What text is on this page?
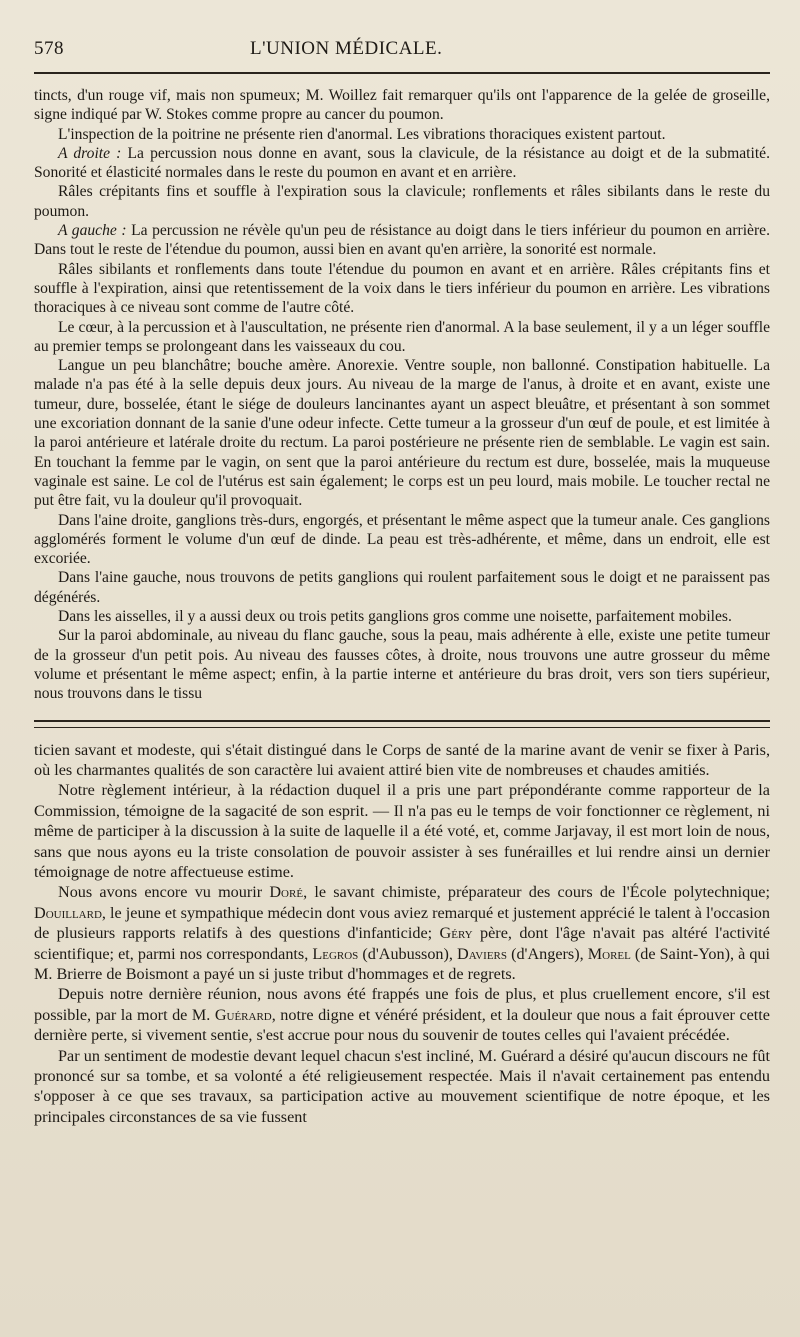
578	L'UNION MÉDICALE.

tincts, d'un rouge vif, mais non spumeux; M. Woillez fait remarquer qu'ils ont l'apparence de la gelée de groseille, signe indiqué par W. Stokes comme propre au cancer du poumon.

L'inspection de la poitrine ne présente rien d'anormal. Les vibrations thoraciques existent partout.

A droite : La percussion nous donne en avant, sous la clavicule, de la résistance au doigt et de la submatité. Sonorité et élasticité normales dans le reste du poumon en avant et en arrière.

Râles crépitants fins et souffle à l'expiration sous la clavicule; ronflements et râles sibilants dans le reste du poumon.

A gauche : La percussion ne révèle qu'un peu de résistance au doigt dans le tiers inférieur du poumon en arrière. Dans tout le reste de l'étendue du poumon, aussi bien en avant qu'en arrière, la sonorité est normale.

Râles sibilants et ronflements dans toute l'étendue du poumon en avant et en arrière. Râles crépitants fins et souffle à l'expiration, ainsi que retentissement de la voix dans le tiers inférieur du poumon en arrière. Les vibrations thoraciques à ce niveau sont comme de l'autre côté.

Le cœur, à la percussion et à l'auscultation, ne présente rien d'anormal. A la base seulement, il y a un léger souffle au premier temps se prolongeant dans les vaisseaux du cou.

Langue un peu blanchâtre; bouche amère. Anorexie. Ventre souple, non ballonné. Constipation habituelle. La malade n'a pas été à la selle depuis deux jours. Au niveau de la marge de l'anus, à droite et en avant, existe une tumeur, dure, bosselée, étant le siége de douleurs lancinantes ayant un aspect bleuâtre, et présentant à son sommet une excoriation donnant de la sanie d'une odeur infecte. Cette tumeur a la grosseur d'un œuf de poule, et est limitée à la paroi antérieure et latérale droite du rectum. La paroi postérieure ne présente rien de semblable. Le vagin est sain. En touchant la femme par le vagin, on sent que la paroi antérieure du rectum est dure, bosselée, mais la muqueuse vaginale est saine. Le col de l'utérus est sain également; le corps est un peu lourd, mais mobile. Le toucher rectal ne put être fait, vu la douleur qu'il provoquait.

Dans l'aine droite, ganglions très-durs, engorgés, et présentant le même aspect que la tumeur anale. Ces ganglions agglomérés forment le volume d'un œuf de dinde. La peau est très-adhérente, et même, dans un endroit, elle est excoriée.

Dans l'aine gauche, nous trouvons de petits ganglions qui roulent parfaitement sous le doigt et ne paraissent pas dégénérés.

Dans les aisselles, il y a aussi deux ou trois petits ganglions gros comme une noisette, parfaitement mobiles.

Sur la paroi abdominale, au niveau du flanc gauche, sous la peau, mais adhérente à elle, existe une petite tumeur de la grosseur d'un petit pois. Au niveau des fausses côtes, à droite, nous trouvons une autre grosseur du même volume et présentant le même aspect; enfin, à la partie interne et antérieure du bras droit, vers son tiers supérieur, nous trouvons dans le tissu

ticien savant et modeste, qui s'était distingué dans le Corps de santé de la marine avant de venir se fixer à Paris, où les charmantes qualités de son caractère lui avaient attiré bien vite de nombreuses et chaudes amitiés.

Notre règlement intérieur, à la rédaction duquel il a pris une part prépondérante comme rapporteur de la Commission, témoigne de la sagacité de son esprit. — Il n'a pas eu le temps de voir fonctionner ce règlement, ni même de participer à la discussion à la suite de laquelle il a été voté, et, comme Jarjavay, il est mort loin de nous, sans que nous ayons eu la triste consolation de pouvoir assister à ses funérailles et lui rendre ainsi un dernier témoignage de notre affectueuse estime.

Nous avons encore vu mourir Doré, le savant chimiste, préparateur des cours de l'École polytechnique; Douillard, le jeune et sympathique médecin dont vous aviez remarqué et justement apprécié le talent à l'occasion de plusieurs rapports relatifs à des questions d'infanticide; Géry père, dont l'âge n'avait pas altéré l'activité scientifique; et, parmi nos correspondants, Legros (d'Aubusson), Daviers (d'Angers), Morel (de Saint-Yon), à qui M. Brierre de Boismont a payé un si juste tribut d'hommages et de regrets.

Depuis notre dernière réunion, nous avons été frappés une fois de plus, et plus cruellement encore, s'il est possible, par la mort de M. Guérard, notre digne et vénéré président, et la douleur que nous a fait éprouver cette dernière perte, si vivement sentie, s'est accrue pour nous du souvenir de toutes celles qui l'avaient précédée.

Par un sentiment de modestie devant lequel chacun s'est incliné, M. Guérard a désiré qu'aucun discours ne fût prononcé sur sa tombe, et sa volonté a été religieusement respectée. Mais il n'avait certainement pas entendu s'opposer à ce que ses travaux, sa participation active au mouvement scientifique de notre époque, et les principales circonstances de sa vie fussent
